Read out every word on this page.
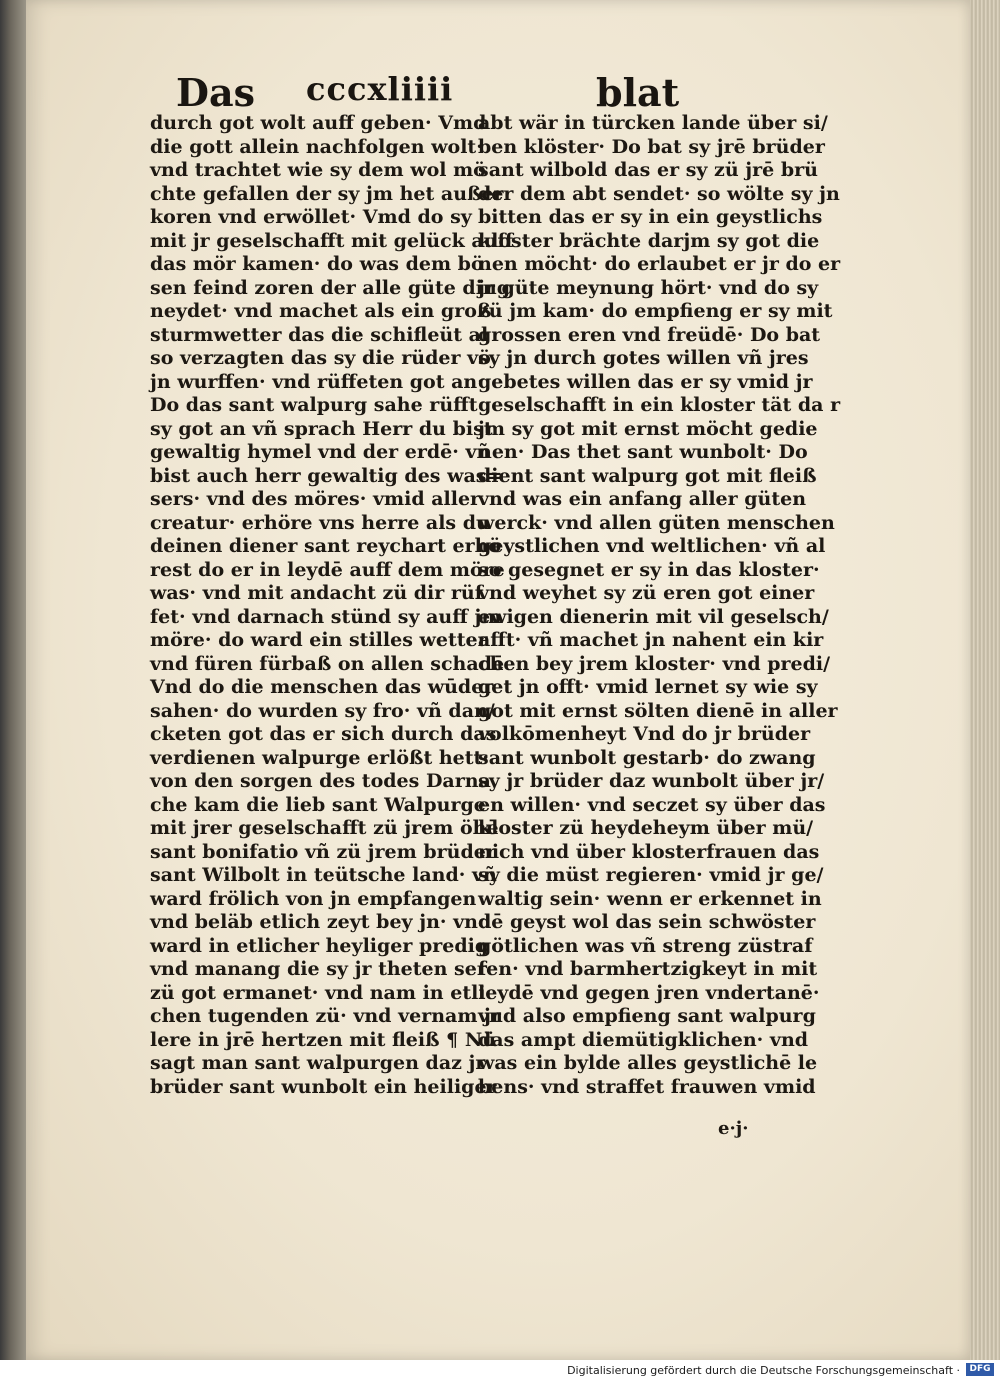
Das cccxliiii	blat
durch got wolt auff geben· Vmd
die gott allein nachfolgen wolt·
vnd trachtet wie sy dem wol mö
chte gefallen der sy jm het außer
koren vnd erwöllet· Vmd do sy
mit jr geselschafft mit gelück auff
das mör kamen· do was dem bö
sen feind zoren der alle güte ding
neydet· vnd machet als ein groß
sturmwetter das die schifleüt al
so verzagten das sy die rüder vö
jn wurffen· vnd rüffeten got an·
Do das sant walpurg sahe rüfft
sy got an vñ sprach Herr du bist
gewaltig hymel vnd der erdē· vñ
bist auch herr gewaltig des was=
sers· vnd des möres· vmid aller
creatur· erhöre vns herre als du
deinen diener sant reychart erhö
rest do er in leydē auff dem möre
was· vnd mit andacht zü dir rüf
fet· vnd darnach stünd sy auff jm
möre· do ward ein stilles wetter
vnd füren fürbaß on allen schadē
Vnd do die menschen das wūder
sahen· do wurden sy fro· vñ dan/
cketen got das er sich durch das
verdienen walpurge erlößt hett·
von den sorgen des todes Darna
che kam die lieb sant Walpurge
mit jrer geselschafft zü jrem öhē
sant bonifatio vñ zü jrem brüder
sant Wilbolt in teütsche land· vñ
ward frölich von jn empfangen
vnd beläb etlich zeyt bey jn· vnd
ward in etlicher heyliger predig
vnd manang die sy jr theten ser
zü got ermanet· vnd nam in etli
chen tugenden zü· vnd vernam jr
lere in jrē hertzen mit fleiß ¶ Nü
sagt man sant walpurgen daz jr
brüder sant wunbolt ein heiliger
abt wär in türcken lande über si/
ben klöster· Do bat sy jrē brüder
sant wilbold das er sy zü jrē brü
der dem abt sendet· so wölte sy jn
bitten das er sy in ein geystlichs
kloster brächte darjm sy got die
nen möcht· do erlaubet er jr do er
jr güte meynung hört· vnd do sy
zü jm kam· do empfieng er sy mit
grossen eren vnd freüdē· Do bat
sy jn durch gotes willen vñ jres
gebetes willen das er sy vmid jr
geselschafft in ein kloster tät da r
jm sy got mit ernst möcht gedie
nen· Das thet sant wunbolt· Do
dient sant walpurg got mit fleiß
vnd was ein anfang aller güten
werck· vnd allen güten menschen
geystlichen vnd weltlichen· vñ al
so gesegnet er sy in das kloster·
vnd weyhet sy zü eren got einer
ewigen dienerin mit vil geselsch/
afft· vñ machet jn nahent ein kir
chen bey jrem kloster· vnd predi/
get jn offt· vmid lernet sy wie sy
got mit ernst sölten dienē in aller
volkōmenheyt Vnd do jr brüder
sant wunbolt gestarb· do zwang
sy jr brüder daz wunbolt über jr/
en willen· vnd seczet sy über das
kloster zü heydeheym über mü/
nich vnd über klosterfrauen das
sy die müst regieren· vmid jr ge/
waltig sein· wenn er erkennet in
dē geyst wol das sein schwöster
götlichen was vñ streng züstraf
fen· vnd barmhertzigkeyt in mit
leydē vnd gegen jren vndertanē·
vnd also empfieng sant walpurg
das ampt diemütigklichen· vnd
was ein bylde alles geystlichē le
bens· vnd straffet frauwen vmid
e·j·
Digitalisierung gefördert durch die Deutsche Forschungsgemeinschaft ·	DFG
